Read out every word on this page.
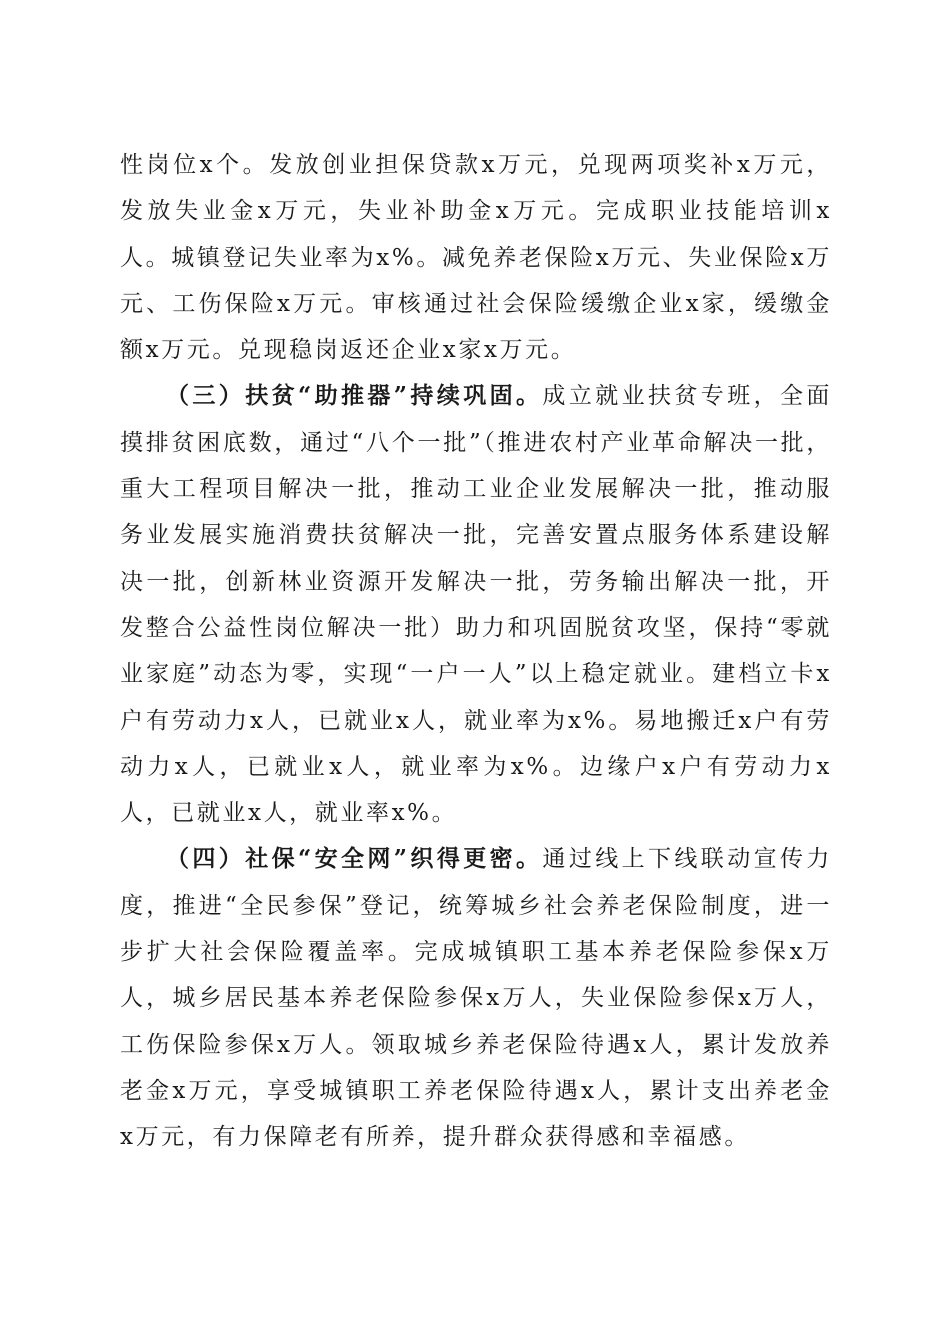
性岗位x个。发放创业担保贷款x万元，兑现两项奖补x万元，发放失业金x万元，失业补助金x万元。完成职业技能培训x人。城镇登记失业率为x%。减免养老保险x万元、失业保险x万元、工伤保险x万元。审核通过社会保险缓缴企业x家，缓缴金额x万元。兑现稳岗返还企业x家x万元。

（三）扶贫“助推器”持续巩固。成立就业扶贫专班，全面摸排贫困底数，通过“八个一批”（推进农村产业革命解决一批，重大工程项目解决一批，推动工业企业发展解决一批，推动服务业发展实施消费扶贫解决一批，完善安置点服务体系建设解决一批，创新林业资源开发解决一批，劳务输出解决一批，开发整合公益性岗位解决一批）助力和巩固脱贫攻坚，保持“零就业家庭”动态为零，实现“一户一人”以上稳定就业。建档立卡x户有劳动力x人，已就业x人，就业率为x%。易地搬迁x户有劳动力x人，已就业x人，就业率为x%。边缘户x户有劳动力x人，已就业x人，就业率x%。

（四）社保“安全网”织得更密。通过线上下线联动宣传力度，推进“全民参保”登记，统筹城乡社会养老保险制度，进一步扩大社会保险覆盖率。完成城镇职工基本养老保险参保x万人，城乡居民基本养老保险参保x万人，失业保险参保x万人，工伤保险参保x万人。领取城乡养老保险待遇x人，累计发放养老金x万元，享受城镇职工养老保险待遇x人，累计支出养老金x万元，有力保障老有所养，提升群众获得感和幸福感。
